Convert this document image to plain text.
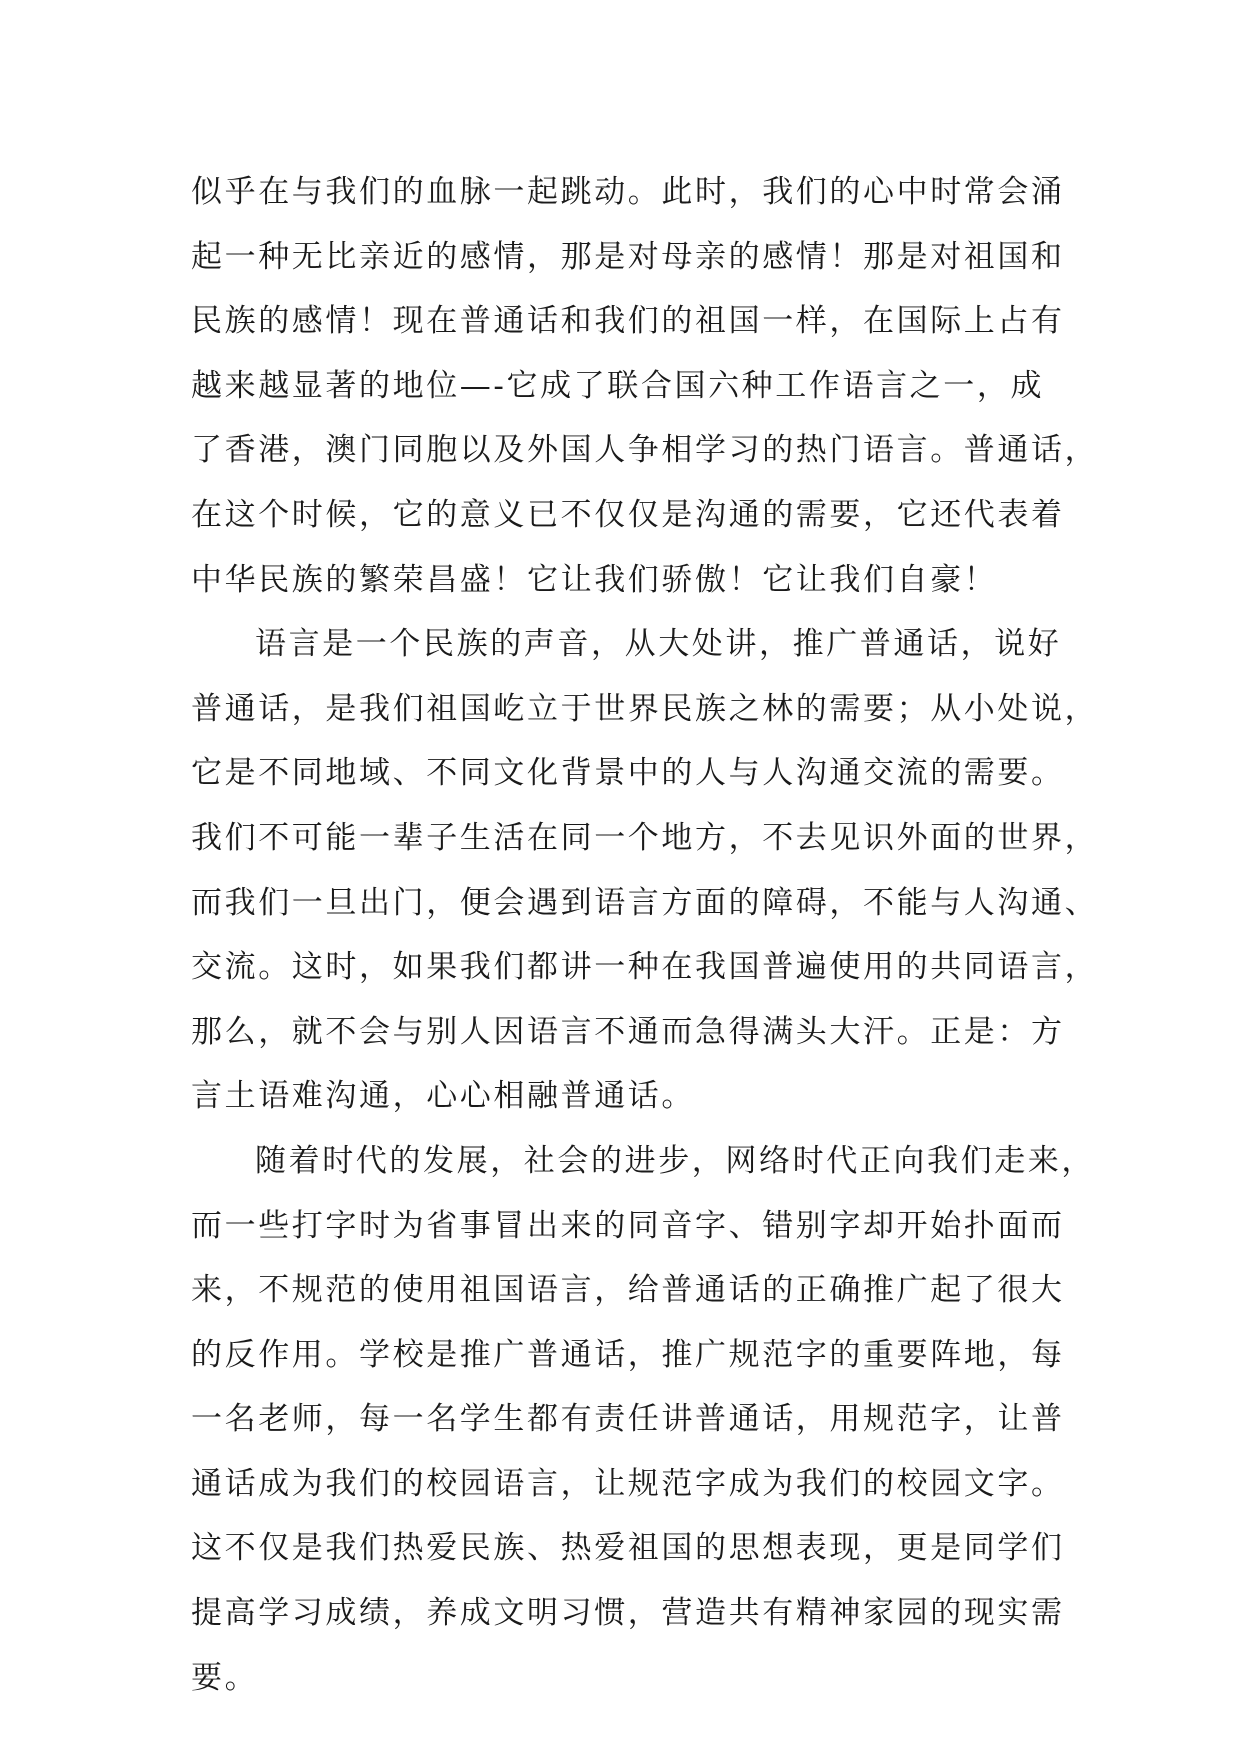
似乎在与我们的血脉一起跳动。此时，我们的心中时常会涌
起一种无比亲近的感情，那是对母亲的感情！那是对祖国和
民族的感情！现在普通话和我们的祖国一样，在国际上占有
越来越显著的地位—-它成了联合国六种工作语言之一，成
了香港，澳门同胞以及外国人争相学习的热门语言。普通话，
在这个时候，它的意义已不仅仅是沟通的需要，它还代表着
中华民族的繁荣昌盛！它让我们骄傲！它让我们自豪！
语言是一个民族的声音，从大处讲，推广普通话，说好
普通话，是我们祖国屹立于世界民族之林的需要；从小处说，
它是不同地域、不同文化背景中的人与人沟通交流的需要。
我们不可能一辈子生活在同一个地方，不去见识外面的世界，
而我们一旦出门，便会遇到语言方面的障碍，不能与人沟通、
交流。这时，如果我们都讲一种在我国普遍使用的共同语言，
那么，就不会与别人因语言不通而急得满头大汗。正是：方
言土语难沟通，心心相融普通话。
随着时代的发展，社会的进步，网络时代正向我们走来，
而一些打字时为省事冒出来的同音字、错别字却开始扑面而
来，不规范的使用祖国语言，给普通话的正确推广起了很大
的反作用。学校是推广普通话，推广规范字的重要阵地，每
一名老师，每一名学生都有责任讲普通话，用规范字，让普
通话成为我们的校园语言，让规范字成为我们的校园文字。
这不仅是我们热爱民族、热爱祖国的思想表现，更是同学们
提高学习成绩，养成文明习惯，营造共有精神家园的现实需
要。
